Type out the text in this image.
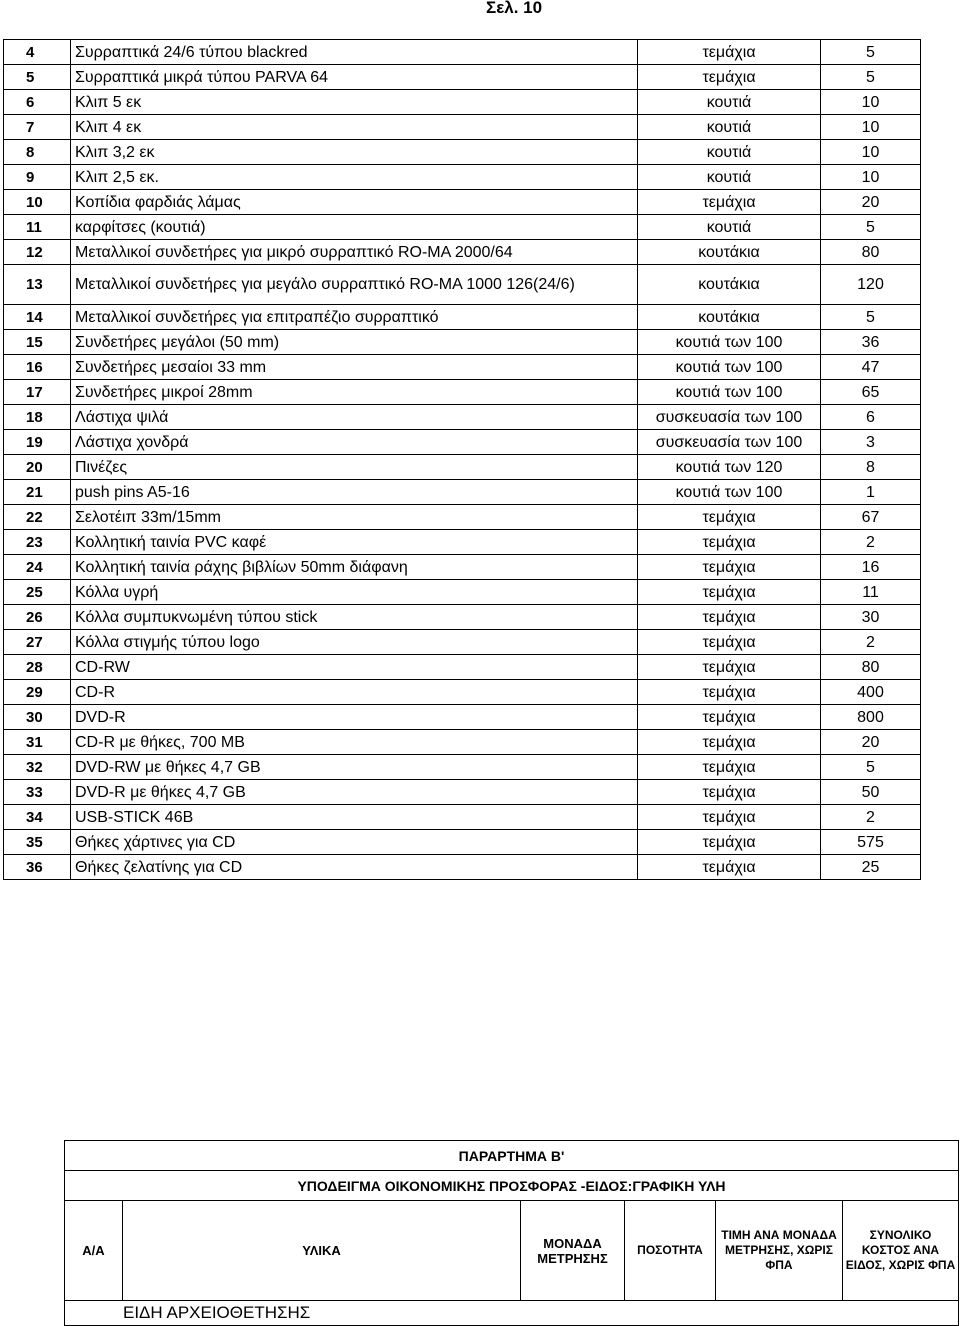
Σελ. 10
4	Συρραπτικά 24/6 τύπου blackred	τεμάχια	5
5	Συρραπτικά μικρά τύπου PARVA 64	τεμάχια	5
6	Κλιπ 5 εκ	κουτιά	10
7	Κλιπ 4 εκ	κουτιά	10
8	Κλιπ 3,2 εκ	κουτιά	10
9	Κλιπ 2,5 εκ.	κουτιά	10
10	Κοπίδια φαρδιάς λάμας	τεμάχια	20
11	καρφίτσες (κουτιά)	κουτιά	5
12	Μεταλλικοί συνδετήρες για μικρό συρραπτικό RO-MA 2000/64	κουτάκια	80
13	Μεταλλικοί συνδετήρες για μεγάλο συρραπτικό RO-MA 1000 126(24/6)	κουτάκια	120
14	Μεταλλικοί συνδετήρες για επιτραπέζιο συρραπτικό	κουτάκια	5
15	Συνδετήρες μεγάλοι (50 mm)	κουτιά των 100	36
16	Συνδετήρες μεσαίοι 33 mm	κουτιά των 100	47
17	Συνδετήρες μικροί 28mm	κουτιά των 100	65
18	Λάστιχα ψιλά	συσκευασία των 100	6
19	Λάστιχα χονδρά	συσκευασία των 100	3
20	Πινέζες	κουτιά των 120	8
21	push pins A5-16	κουτιά των 100	1
22	Σελοτέιπ 33m/15mm	τεμάχια	67
23	Κολλητική ταινία PVC καφέ	τεμάχια	2
24	Κολλητική ταινία ράχης βιβλίων 50mm διάφανη	τεμάχια	16
25	Κόλλα υγρή	τεμάχια	11
26	Κόλλα συμπυκνωμένη τύπου stick	τεμάχια	30
27	Κόλλα στιγμής τύπου logo	τεμάχια	2
28	CD-RW	τεμάχια	80
29	CD-R	τεμάχια	400
30	DVD-R	τεμάχια	800
31	CD-R με θήκες, 700 MB	τεμάχια	20
32	DVD-RW με θήκες 4,7 GB	τεμάχια	5
33	DVD-R με θήκες 4,7 GB	τεμάχια	50
34	USB-STICK 46B	τεμάχια	2
35	Θήκες χάρτινες για CD	τεμάχια	575
36	Θήκες ζελατίνης για CD	τεμάχια	25
ΠΑΡΑΡΤΗΜΑ Β'
ΥΠΟΔΕΙΓΜΑ ΟΙΚΟΝΟΜΙΚΗΣ ΠΡΟΣΦΟΡΑΣ -ΕΙΔΟΣ:ΓΡΑΦΙΚΗ ΥΛΗ
Α/Α	ΥΛΙΚΑ	ΜΟΝΑΔΑ ΜΕΤΡΗΣΗΣ	ΠΟΣΟΤΗΤΑ	ΤΙΜΗ ΑΝΑ ΜΟΝΑΔΑ ΜΕΤΡΗΣΗΣ, ΧΩΡΙΣ ΦΠΑ	ΣΥΝΟΛΙΚΟ ΚΟΣΤΟΣ ΑΝΑ ΕΙΔΟΣ, ΧΩΡΙΣ ΦΠΑ
ΕΙΔΗ ΑΡΧΕΙΟΘΕΤΗΣΗΣ
